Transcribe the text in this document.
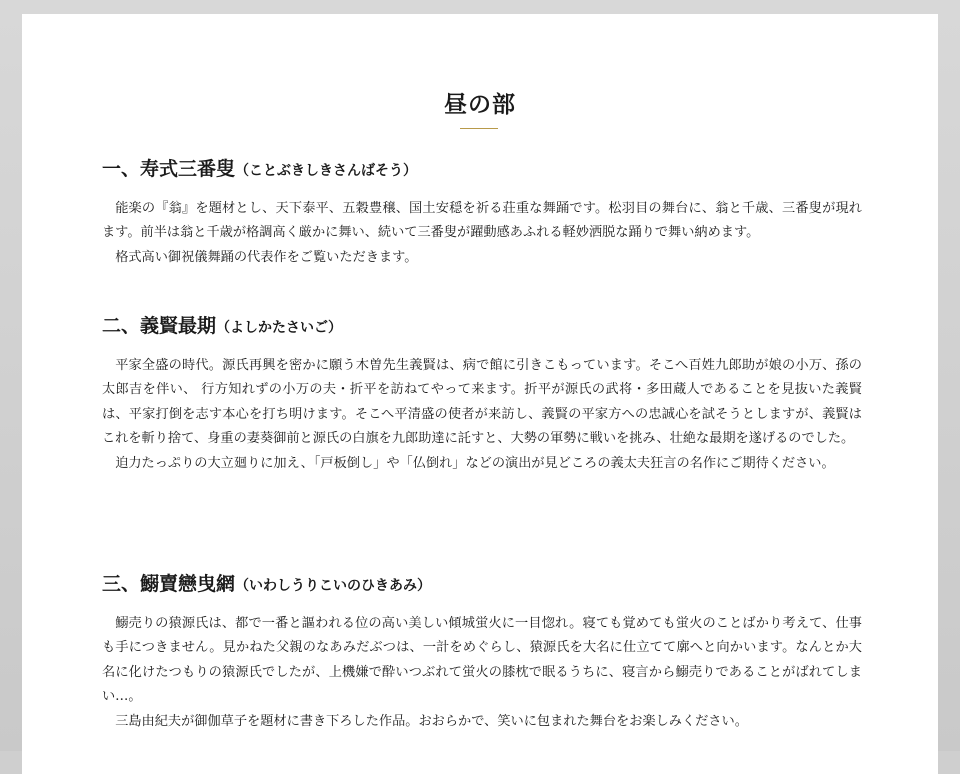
昼の部
一、寿式三番叟（ことぶきしきさんばそう）

能楽の『翁』を題材とし、天下泰平、五穀豊穣、国土安穏を祈る荘重な舞踊です。松羽目の舞台に、翁と千歳、三番叟が現れます。前半は翁と千歳が格調高く厳かに舞い、続いて三番叟が躍動感あふれる軽妙洒脱な踊りで舞い納めます。

格式高い御祝儀舞踊の代表作をご覧いただきます。

二、義賢最期（よしかたさいご）

平家全盛の時代。源氏再興を密かに願う木曽先生義賢は、病で館に引きこもっています。そこへ百姓九郎助が娘の小万、孫の太郎吉を伴い、 行方知れずの小万の夫・折平を訪ねてやって来ます。折平が源氏の武将・多田蔵人であることを見抜いた義賢は、平家打倒を志す本心を打ち明けます。そこへ平清盛の使者が来訪し、義賢の平家方への忠誠心を試そうとしますが、義賢はこれを斬り捨て、身重の妻葵御前と源氏の白旗を九郎助達に託すと、大勢の軍勢に戦いを挑み、壮絶な最期を遂げるのでした。

迫力たっぷりの大立廻りに加え、「戸板倒し」や「仏倒れ」などの演出が見どころの義太夫狂言の名作にご期待ください。

三、鰯賣戀曳網（いわしうりこいのひきあみ）

鰯売りの猿源氏は、都で一番と謳われる位の高い美しい傾城蛍火に一目惚れ。寝ても覚めても蛍火のことばかり考えて、仕事も手につきません。見かねた父親のなあみだぶつは、一計をめぐらし、猿源氏を大名に仕立てて廓へと向かいます。なんとか大名に化けたつもりの猿源氏でしたが、上機嫌で酔いつぶれて蛍火の膝枕で眠るうちに、寝言から鰯売りであることがばれてしまい…。

三島由紀夫が御伽草子を題材に書き下ろした作品。おおらかで、笑いに包まれた舞台をお楽しみください。
